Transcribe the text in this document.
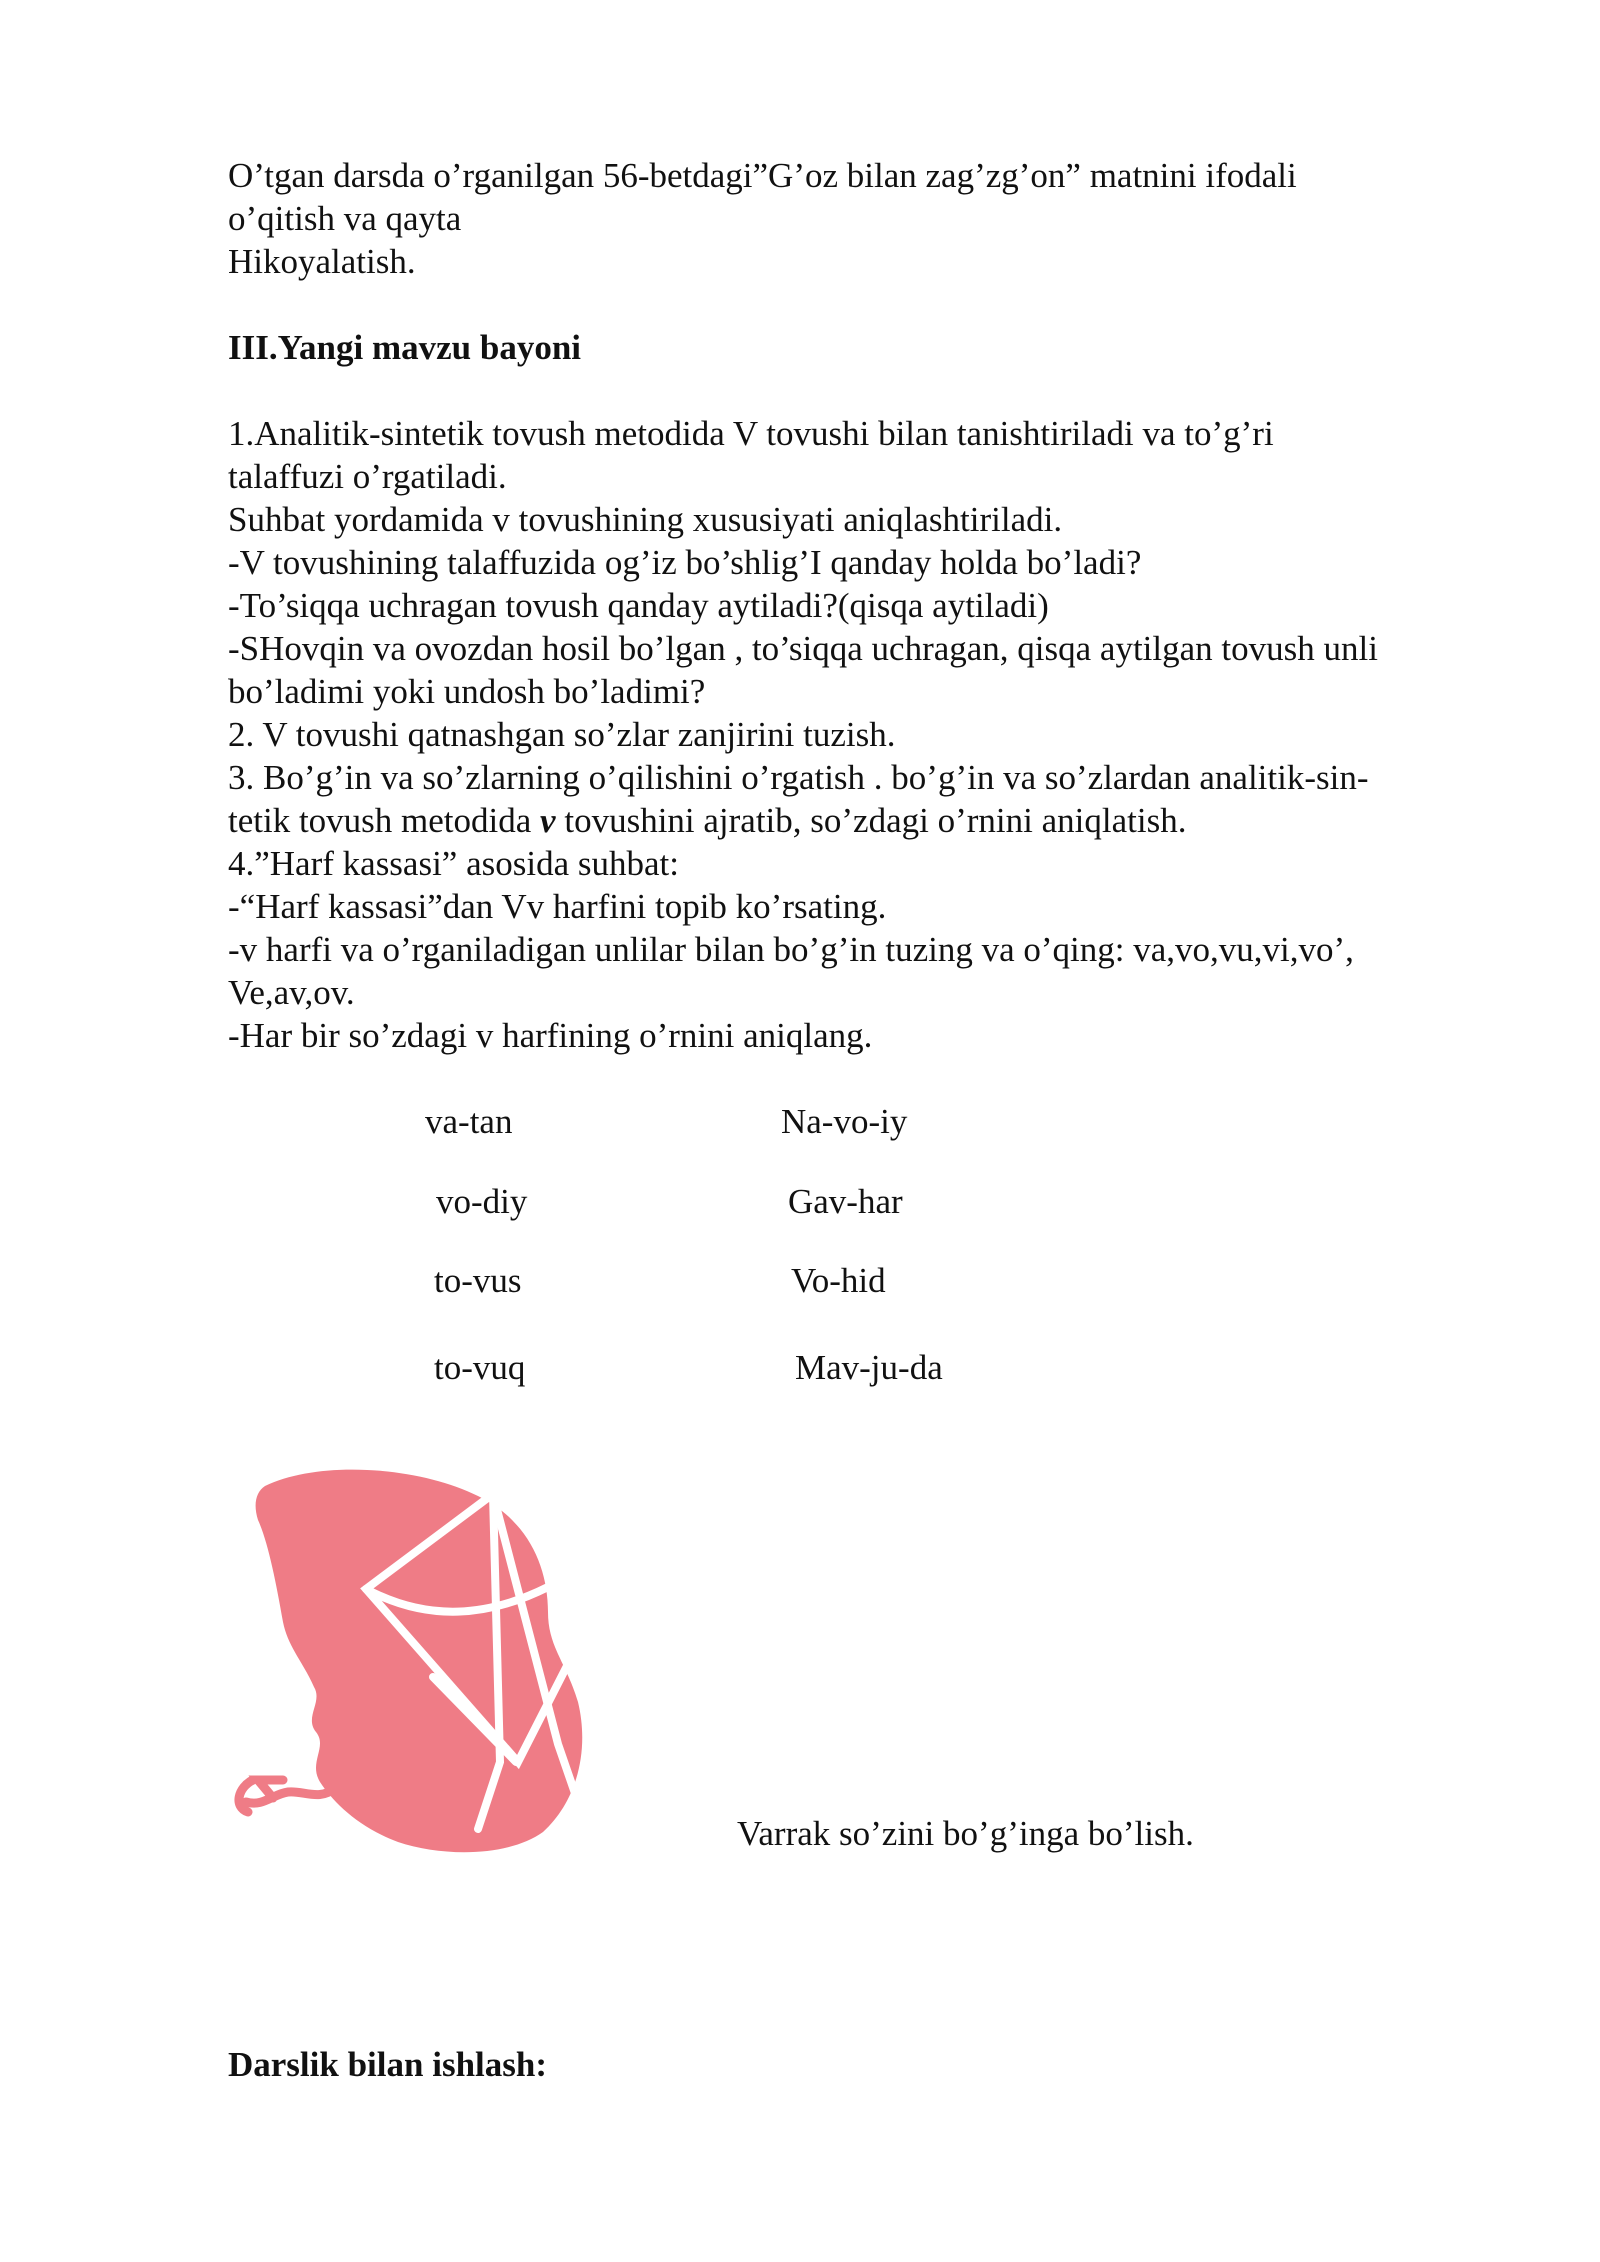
O’tgan darsda o’rganilgan 56-betdagi”G’oz bilan zag’zg’on” matnini ifodali

o’qitish va qayta

Hikoyalatish.

III.Yangi mavzu bayoni

1.Analitik-sintetik tovush metodida V tovushi bilan tanishtiriladi va to’g’ri

talaffuzi o’rgatiladi.

Suhbat yordamida v tovushining xususiyati aniqlashtiriladi.

-V tovushining talaffuzida og’iz bo’shlig’I qanday holda bo’ladi?

-To’siqqa uchragan tovush qanday aytiladi?(qisqa aytiladi)

-SHovqin va ovozdan hosil bo’lgan , to’siqqa uchragan, qisqa aytilgan tovush unli

bo’ladimi yoki undosh bo’ladimi?

2. V tovushi qatnashgan so’zlar zanjirini tuzish.

3. Bo’g’in va so’zlarning o’qilishini o’rgatish . bo’g’in va so’zlardan analitik-sin-

tetik tovush metodida v tovushini ajratib, so’zdagi o’rnini aniqlatish.

4.”Harf kassasi” asosida suhbat:

-“Harf kassasi”dan Vv harfini topib ko’rsating.

-v harfi va o’rganiladigan unlilar bilan bo’g’in tuzing va o’qing: va,vo,vu,vi,vo’,

Ve,av,ov.

-Har bir so’zdagi v harfining o’rnini aniqlang.

va-tan	Na-vo-iy

vo-diy	Gav-har

to-vus	Vo-hid

to-vuq	Mav-ju-da

Varrak so’zini bo’g’inga bo’lish.

Darslik bilan ishlash:
